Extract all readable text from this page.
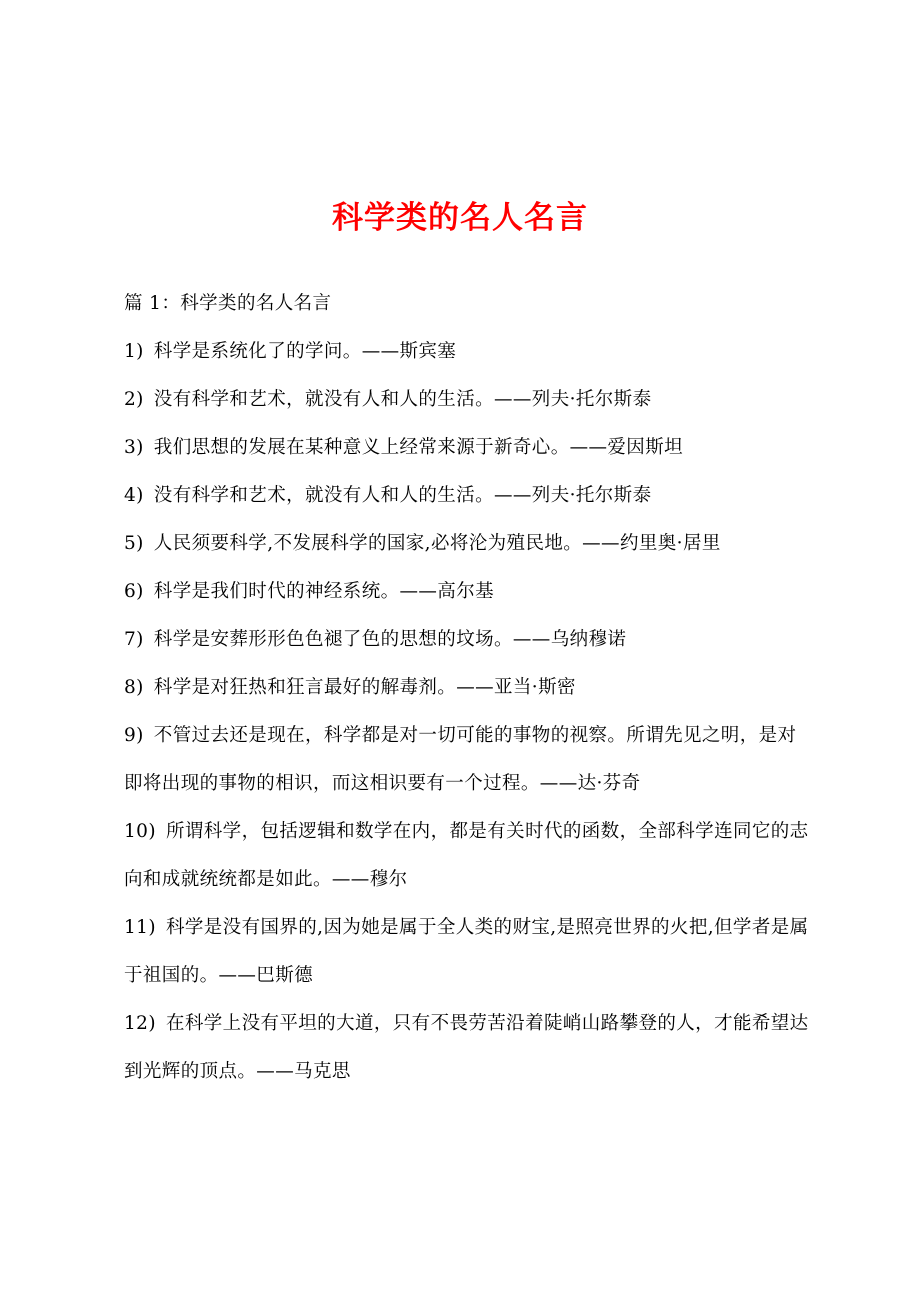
科学类的名人名言

篇 1：科学类的名人名言

1) 科学是系统化了的学问。——斯宾塞

2) 没有科学和艺术，就没有人和人的生活。——列夫·托尔斯泰

3) 我们思想的发展在某种意义上经常来源于新奇心。——爱因斯坦

4) 没有科学和艺术，就没有人和人的生活。——列夫·托尔斯泰

5) 人民须要科学,不发展科学的国家,必将沦为殖民地。——约里奥·居里

6) 科学是我们时代的神经系统。——高尔基

7) 科学是安葬形形色色褪了色的思想的坟场。——乌纳穆诺

8) 科学是对狂热和狂言最好的解毒剂。——亚当·斯密

9) 不管过去还是现在，科学都是对一切可能的事物的视察。所谓先见之明，是对即将出现的事物的相识，而这相识要有一个过程。——达·芬奇

10) 所谓科学，包括逻辑和数学在内，都是有关时代的函数，全部科学连同它的志向和成就统统都是如此。——穆尔

11) 科学是没有国界的,因为她是属于全人类的财宝,是照亮世界的火把,但学者是属于祖国的。——巴斯德

12) 在科学上没有平坦的大道，只有不畏劳苦沿着陡峭山路攀登的人，才能希望达到光辉的顶点。——马克思
